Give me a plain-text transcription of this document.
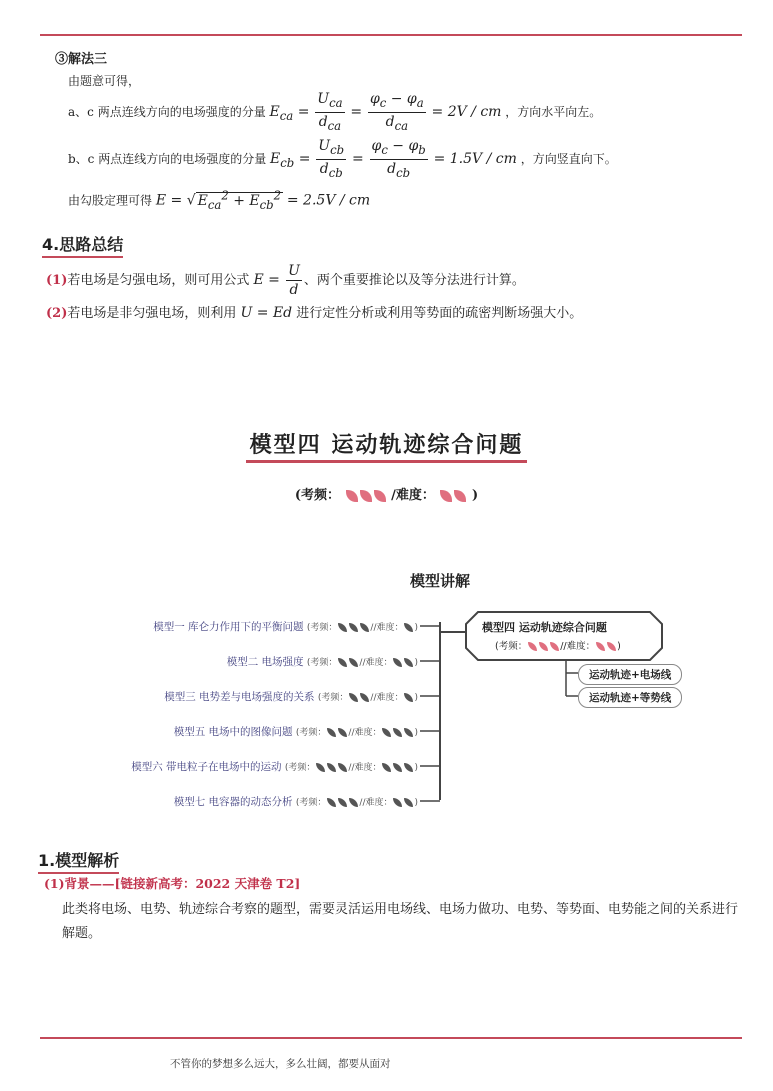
③解法三
由题意可得，
a、c 两点连线方向的电场强度的分量 $E_{ca} = \frac{U_{ca}}{d_{ca}} = \frac{\varphi_c - \varphi_a}{d_{ca}} = 2V$ / cm ，方向水平向左。
b、c 两点连线方向的电场强度的分量 $E_{cb} = \frac{U_{cb}}{d_{cb}} = \frac{\varphi_c - \varphi_b}{d_{cb}} = 1.5V$ / cm ，方向竖直向下。
由勾股定理可得 E = √ $E_{ca}^2 + E_{cb}^2 = 2.5V$ / cm
4.思路总结
(1)若电场是匀强电场，则可用公式 $E = \frac{U}{d}$ 、两个重要推论以及等分法进行计算。
(2)若电场是非匀强电场，则利用 U = Ed 进行定性分析或利用等势面的疏密判断场强大小。
模型四 运动轨迹综合问题
(考频：	/难度：	)
模型讲解
模型四 运动轨迹综合问题
(考频：	//难度： )
运动轨迹+电场线
运动轨迹+等势线
模型一 库仑力作用下的平衡问题 (考频：	//难度： )
模型二 电场强度 (考频： //难度： )
模型三 电势差与电场强度的关系 (考频： //难度： )
模型五 电场中的图像问题 (考频： //难度：	)
模型六 带电粒子在电场中的运动 (考频：	//难度：	)
模型七 电容器的动态分析 (考频：	//难度： )
1.模型解析
(1)背景——[链接新高考：2022 天津卷 T2]
此类将电场、电势、轨迹综合考察的题型，需要灵活运用电场线、电场力做功、电势、等势面、电势能之间的关系进行解题。
不管你的梦想多么远大，多么壮阔，都要从面对
